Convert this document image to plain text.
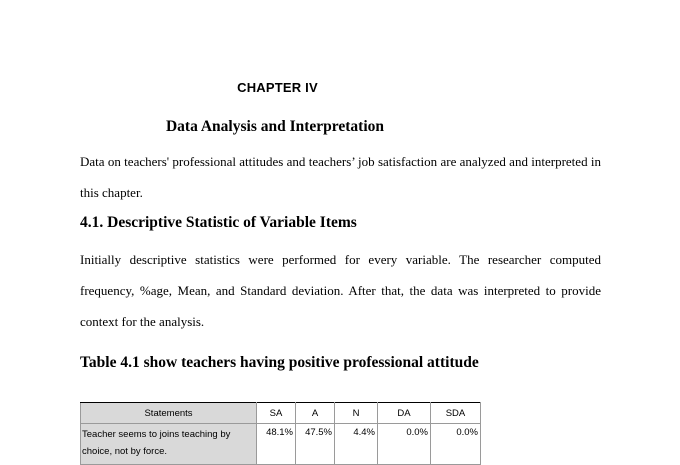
CHAPTER IV
Data Analysis and Interpretation
Data on teachers' professional attitudes and teachers’ job satisfaction are analyzed and interpreted in this chapter.
4.1. Descriptive Statistic of Variable Items
Initially descriptive statistics were performed for every variable. The researcher computed frequency, %age, Mean, and Standard deviation. After that, the data was interpreted to provide context for the analysis.
Table 4.1 show teachers having positive professional attitude
Statements	SA	A	N	DA	SDA
Teacher seems to joins teaching by choice, not by force.	48.1%	47.5%	4.4%	0.0%	0.0%
